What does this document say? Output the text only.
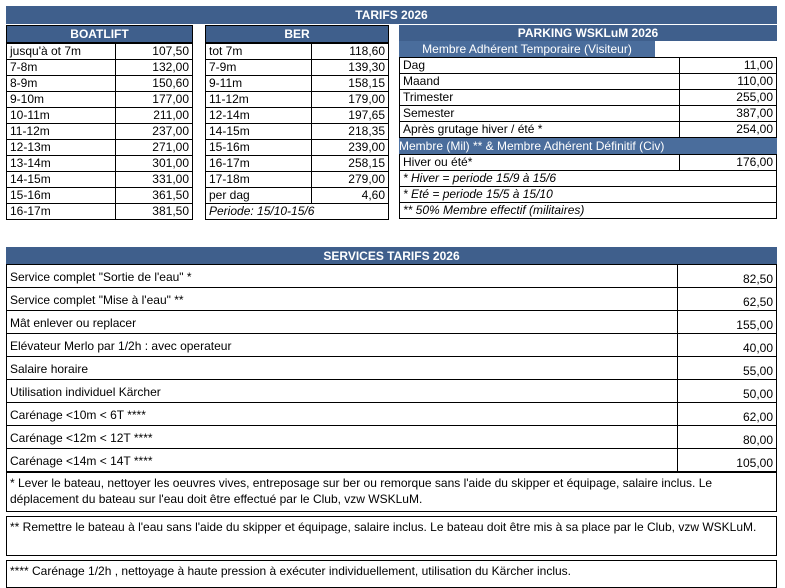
TARIFS 2026
BOATLIFT
jusqu'à ot 7m	107,50
7-8m	132,00
8-9m	150,60
9-10m	177,00
10-11m	211,00
11-12m	237,00
12-13m	271,00
13-14m	301,00
14-15m	331,00
15-16m	361,50
16-17m	381,50
BER
tot 7m	118,60
7-9m	139,30
9-11m	158,15
11-12m	179,00
12-14m	197,65
14-15m	218,35
15-16m	239,00
16-17m	258,15
17-18m	279,00
per dag	4,60
Periode: 15/10-15/6	
PARKING WSKLuM 2026
Membre Adhérent Temporaire (Visiteur)
Dag	11,00
Maand	110,00
Trimester	255,00
Semester	387,00
Après grutage hiver / été *	254,00
Membre (Mil) ** & Membre Adhérent Définitif (Civ)
Hiver ou été*	176,00
* Hiver = periode 15/9 à 15/6
* Eté = periode 15/5 à 15/10
** 50% Membre effectif (militaires)
SERVICES TARIFS 2026
Service complet "Sortie de l'eau" *	82,50
Service complet "Mise à l'eau" **	62,50
Mât enlever ou replacer	155,00
Elévateur Merlo par 1/2h : avec operateur	40,00
Salaire horaire	55,00
Utilisation individuel Kärcher	50,00
Carénage <10m < 6T ****	62,00
Carénage <12m < 12T ****	80,00
Carénage <14m < 14T ****	105,00
* Lever le bateau, nettoyer les oeuvres vives, entreposage sur ber ou remorque sans l'aide du skipper et équipage, salaire inclus. Le déplacement du bateau sur l'eau doit être effectué par le Club, vzw WSKLuM.
** Remettre le bateau à l'eau sans l'aide du skipper et équipage, salaire inclus. Le bateau doit être mis à sa place par le Club, vzw WSKLuM.
**** Carénage 1/2h , nettoyage à haute pression à exécuter individuellement, utilisation du Kärcher inclus.
